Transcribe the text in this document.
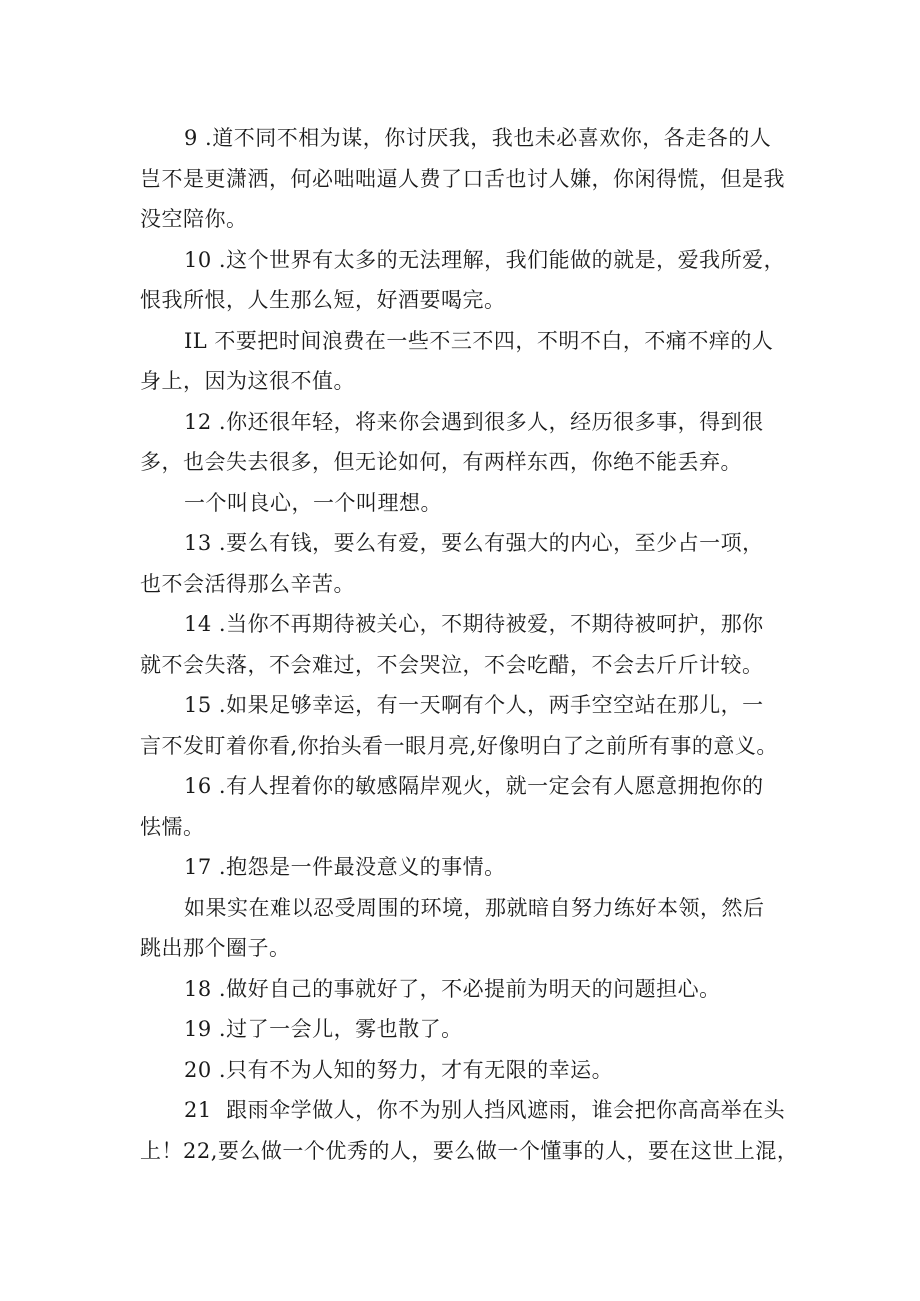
9 .道不同不相为谋，你讨厌我，我也未必喜欢你，各走各的人
岂不是更潇洒，何必咄咄逼人费了口舌也讨人嫌，你闲得慌，但是我
没空陪你。
10 .这个世界有太多的无法理解，我们能做的就是，爱我所爱，
恨我所恨，人生那么短，好酒要喝完。
IL 不要把时间浪费在一些不三不四，不明不白，不痛不痒的人
身上，因为这很不值。
12 .你还很年轻，将来你会遇到很多人，经历很多事，得到很
多，也会失去很多，但无论如何，有两样东西，你绝不能丢弃。
一个叫良心，一个叫理想。
13 .要么有钱，要么有爱，要么有强大的内心，至少占一项，
也不会活得那么辛苦。
14 .当你不再期待被关心，不期待被爱，不期待被呵护，那你
就不会失落，不会难过，不会哭泣，不会吃醋，不会去斤斤计较。
15 .如果足够幸运，有一天啊有个人，两手空空站在那儿，一
言不发盯着你看,你抬头看一眼月亮,好像明白了之前所有事的意义。
16 .有人捏着你的敏感隔岸观火，就一定会有人愿意拥抱你的
怯懦。
17 .抱怨是一件最没意义的事情。
如果实在难以忍受周围的环境，那就暗自努力练好本领，然后
跳出那个圈子。
18 .做好自己的事就好了，不必提前为明天的问题担心。
19 .过了一会儿，雾也散了。
20 .只有不为人知的努力，才有无限的幸运。
21  跟雨伞学做人，你不为别人挡风遮雨，谁会把你高高举在头
上！22,要么做一个优秀的人，要么做一个懂事的人，要在这世上混，
